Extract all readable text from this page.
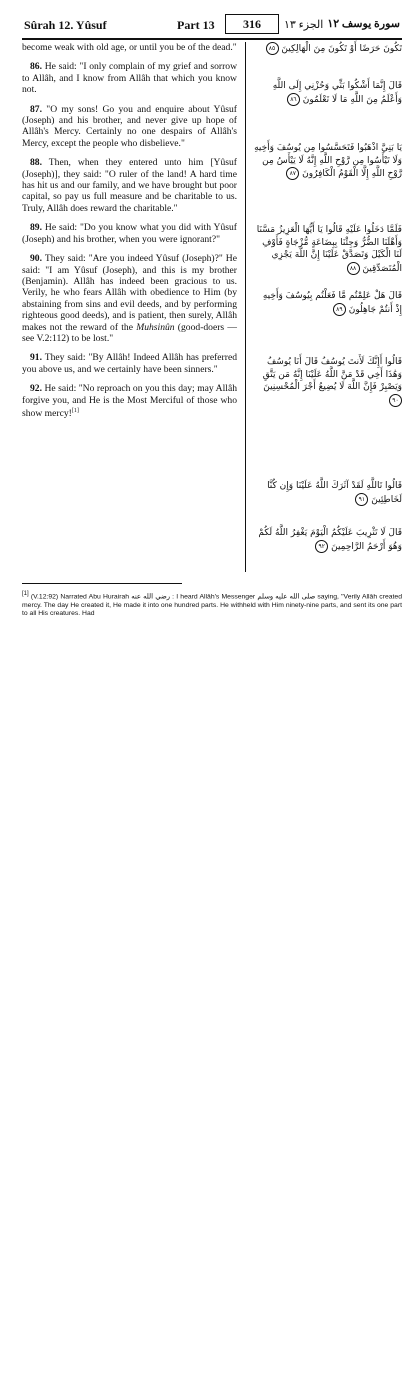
Sûrah 12. Yûsuf	Part 13	316	الجزء ١٣ سورة يوسف ١٢

become weak with old age, or until you be of the dead."

86. He said: "I only complain of my grief and sorrow to Allâh, and I know from Allâh that which you know not.

87. "O my sons! Go you and enquire about Yûsuf (Joseph) and his brother, and never give up hope of Allâh's Mercy. Certainly no one despairs of Allâh's Mercy, except the people who disbelieve."

88. Then, when they entered unto him [Yûsuf (Joseph)], they said: "O ruler of the land! A hard time has hit us and our family, and we have brought but poor capital, so pay us full measure and be charitable to us. Truly, Allâh does reward the charitable."

89. He said: "Do you know what you did with Yûsuf (Joseph) and his brother, when you were ignorant?"

90. They said: "Are you indeed Yûsuf (Joseph)?" He said: "I am Yûsuf (Joseph), and this is my brother (Benjamin). Allâh has indeed been gracious to us. Verily, he who fears Allâh with obedience to Him (by abstaining from sins and evil deeds, and by performing righteous good deeds), and is patient, then surely, Allâh makes not the reward of the Muhsinûn (good-doers — see V.2:112) to be lost."

91. They said: "By Allâh! Indeed Allâh has preferred you above us, and we certainly have been sinners."

92. He said: "No reproach on you this day; may Allâh forgive you, and He is the Most Merciful of those who show mercy![1]

تَكُونَ حَرَضًا أَوْ تَكُونَ مِنَ الْهَالِكِينَ ٨٥
قَالَ إِنَّمَا أَشْكُوا بَثِّي وَحُزْنِي إِلَى اللَّهِ وَأَعْلَمُ مِنَ اللَّهِ مَا لَا تَعْلَمُونَ ٨٦
يَا بَنِيَّ اذْهَبُوا فَتَحَسَّسُوا مِن يُوسُفَ وَأَخِيهِ وَلَا تَيْأَسُوا مِن رَّوْحِ اللَّهِ إِنَّهُ لَا يَيْأَسُ مِن رَّوْحِ اللَّهِ إِلَّا الْقَوْمُ الْكَافِرُونَ ٨٧
فَلَمَّا دَخَلُوا عَلَيْهِ قَالُوا يَا أَيُّهَا الْعَزِيزُ مَسَّنَا وَأَهْلَنَا الضُّرُّ وَجِئْنَا بِبِضَاعَةٍ مُّزْجَاةٍ فَأَوْفِ لَنَا الْكَيْلَ وَتَصَدَّقْ عَلَيْنَا إِنَّ اللَّهَ يَجْزِي الْمُتَصَدِّقِينَ ٨٨
قَالَ هَلْ عَلِمْتُم مَّا فَعَلْتُم بِيُوسُفَ وَأَخِيهِ إِذْ أَنتُمْ جَاهِلُونَ ٨٩
قَالُوا أَإِنَّكَ لَأَنتَ يُوسُفُ قَالَ أَنَا يُوسُفُ وَهَٰذَا أَخِي قَدْ مَنَّ اللَّهُ عَلَيْنَا إِنَّهُ مَن يَتَّقِ وَيَصْبِرْ فَإِنَّ اللَّهَ لَا يُضِيعُ أَجْرَ الْمُحْسِنِينَ ٩٠
قَالُوا تَاللَّهِ لَقَدْ آثَرَكَ اللَّهُ عَلَيْنَا وَإِن كُنَّا لَخَاطِئِينَ ٩١
قَالَ لَا تَثْرِيبَ عَلَيْكُمُ الْيَوْمَ يَغْفِرُ اللَّهُ لَكُمْ وَهُوَ أَرْحَمُ الرَّاحِمِينَ ٩٢
[1] (V.12:92) Narrated Abu Hurairah رضي الله عنه : I heard Allâh's Messenger صلى الله عليه وسلم saying, "Verily Allâh created mercy. The day He created it, He made it into one hundred parts. He withheld with Him ninety-nine parts, and sent its one part to all His creatures. Had
